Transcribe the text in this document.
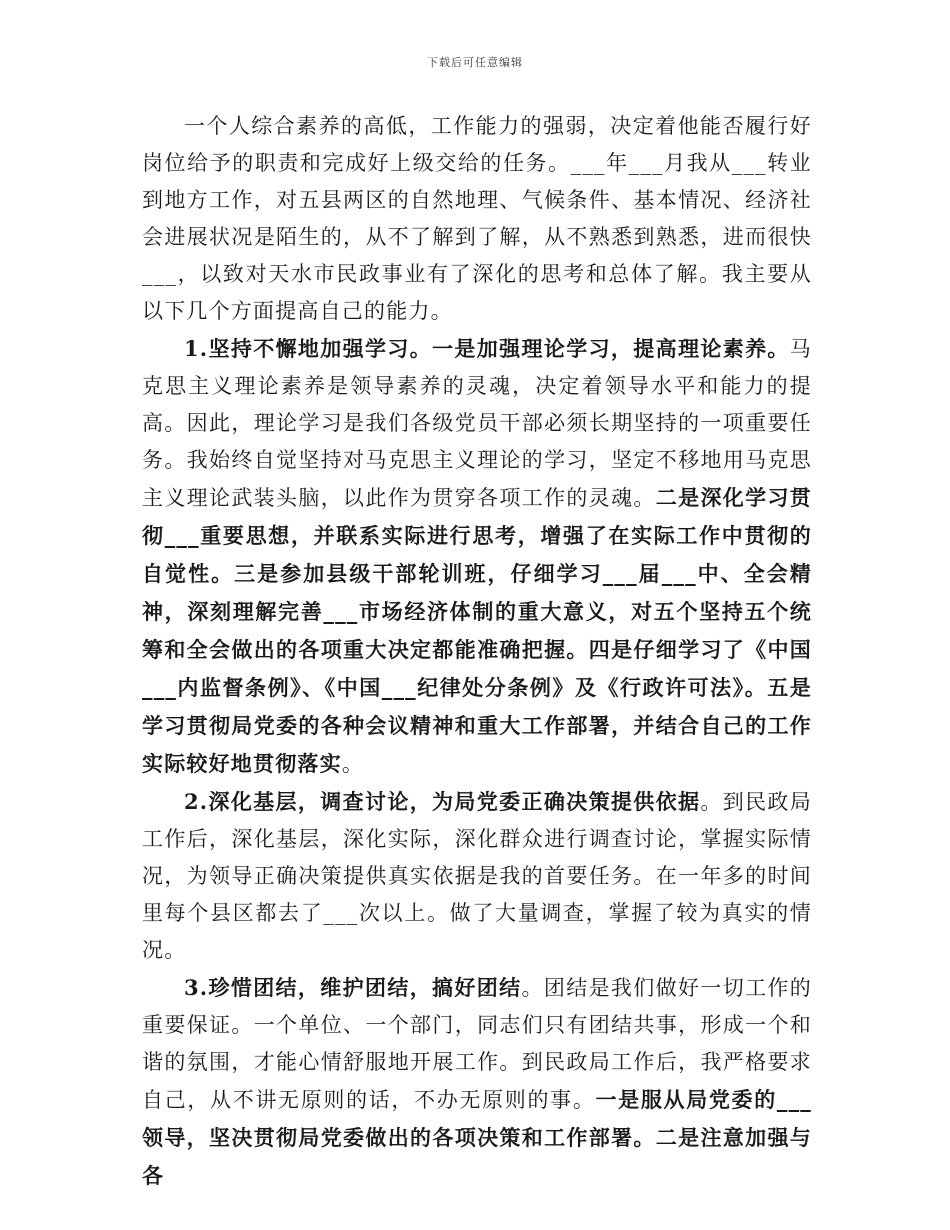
下载后可任意编辑

一个人综合素养的高低，工作能力的强弱，决定着他能否履行好岗位给予的职责和完成好上级交给的任务。___年___月我从___转业到地方工作，对五县两区的自然地理、气候条件、基本情况、经济社会进展状况是陌生的，从不了解到了解，从不熟悉到熟悉，进而很快___，以致对天水市民政事业有了深化的思考和总体了解。我主要从以下几个方面提高自己的能力。

1.坚持不懈地加强学习。一是加强理论学习，提高理论素养。马克思主义理论素养是领导素养的灵魂，决定着领导水平和能力的提高。因此，理论学习是我们各级党员干部必须长期坚持的一项重要任务。我始终自觉坚持对马克思主义理论的学习，坚定不移地用马克思主义理论武装头脑，以此作为贯穿各项工作的灵魂。二是深化学习贯彻___重要思想，并联系实际进行思考，增强了在实际工作中贯彻的自觉性。三是参加县级干部轮训班，仔细学习___届___中、全会精神，深刻理解完善___市场经济体制的重大意义，对五个坚持五个统筹和全会做出的各项重大决定都能准确把握。四是仔细学习了《中国___内监督条例》、《中国___纪律处分条例》及《行政许可法》。五是学习贯彻局党委的各种会议精神和重大工作部署，并结合自己的工作实际较好地贯彻落实。

2.深化基层，调查讨论，为局党委正确决策提供依据。到民政局工作后，深化基层，深化实际，深化群众进行调查讨论，掌握实际情况，为领导正确决策提供真实依据是我的首要任务。在一年多的时间里每个县区都去了___次以上。做了大量调查，掌握了较为真实的情况。

3.珍惜团结，维护团结，搞好团结。团结是我们做好一切工作的重要保证。一个单位、一个部门，同志们只有团结共事，形成一个和谐的氛围，才能心情舒服地开展工作。到民政局工作后，我严格要求自己，从不讲无原则的话，不办无原则的事。一是服从局党委的___领导，坚决贯彻局党委做出的各项决策和工作部署。二是注意加强与各
